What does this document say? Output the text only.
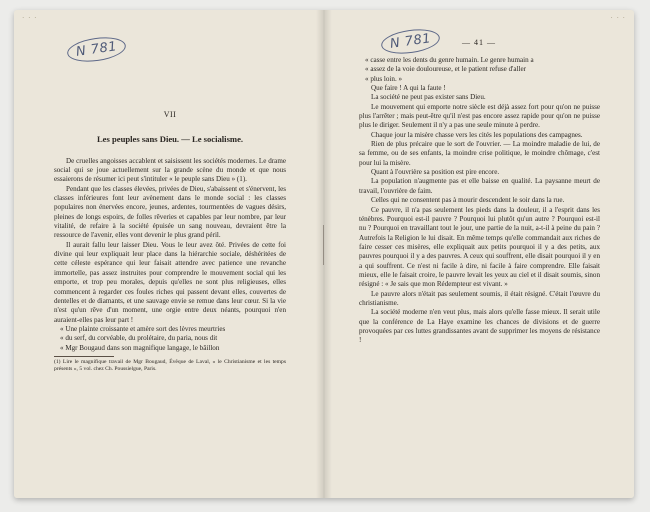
· · ·
N 781
VII
Les peuples sans Dieu. — Le socialisme.

De cruelles angoisses accablent et saisissent les sociétés modernes. Le drame social qui se joue actuellement sur la grande scène du monde et que nous essaierons de résumer ici peut s'intituler « le peuple sans Dieu » (1).

Pendant que les classes élevées, privées de Dieu, s'abaissent et s'énervent, les classes inférieures font leur avènement dans le monde social : les classes populaires non énervées encore, jeunes, ardentes, tourmentées de vagues désirs, pleines de longs espoirs, de folles rêveries et capables par leur nombre, par leur vitalité, de refaire à la société épuisée un sang nouveau, devraient être la ressource de l'avenir, elles vont devenir le plus grand péril.

Il aurait fallu leur laisser Dieu. Vous le leur avez ôté. Privées de cette foi divine qui leur expliquait leur place dans la hiérarchie sociale, déshéritées de cette céleste espérance qui leur faisait attendre avec patience une revanche immortelle, pas assez instruites pour comprendre le mouvement social qui les emporte, et trop peu morales, depuis qu'elles ne sont plus religieuses, elles commencent à regarder ces foules riches qui passent devant elles, couvertes de dentelles et de diamants, et une sauvage envie se remue dans leur cœur. Si la vie n'est qu'un rêve d'un moment, une orgie entre deux néants, pourquoi n'en auraient-elles pas leur part !

« Une plainte croissante et amère sort des lèvres meurtries

« du serf, du corvéable, du prolétaire, du paria, nous dit

« Mgr Bougaud dans son magnifique langage, le bâillon

(1) Lire le magnifique travail de Mgr Bougaud, Évêque de Laval, « le Christianisme et les temps présents », 5 vol. chez Ch. Poussielgue, Paris.

· · ·
N 781	— 41 —

« casse entre les dents du genre humain. Le genre humain a

« assez de la voie douloureuse, et le patient refuse d'aller

« plus loin. »

Que faire ! A qui la faute !

La société ne peut pas exister sans Dieu.

Le mouvement qui emporte notre siècle est déjà assez fort pour qu'on ne puisse plus l'arrêter ; mais peut-être qu'il n'est pas encore assez rapide pour qu'on ne puisse plus le diriger. Seulement il n'y a pas une seule minute à perdre.

Chaque jour la misère chasse vers les cités les populations des campagnes.

Rien de plus précaire que le sort de l'ouvrier. — La moindre maladie de lui, de sa femme, ou de ses enfants, la moindre crise politique, le moindre chômage, c'est pour lui la misère.

Quant à l'ouvrière sa position est pire encore.

La population n'augmente pas et elle baisse en qualité. La paysanne meurt de travail, l'ouvrière de faim.

Celles qui ne consentent pas à mourir descendent le soir dans la rue.

Ce pauvre, il n'a pas seulement les pieds dans la douleur, il a l'esprit dans les ténèbres. Pourquoi est-il pauvre ? Pourquoi lui plutôt qu'un autre ? Pourquoi est-il nu ? Pourquoi en travaillant tout le jour, une partie de la nuit, a-t-il à peine du pain ? Autrefois la Religion le lui disait. En même temps qu'elle commandait aux riches de faire cesser ces misères, elle expliquait aux petits pourquoi il y a des petits, aux pauvres pourquoi il y a des pauvres. A ceux qui souffrent, elle disait pourquoi il y en a qui souffrent. Ce n'est ni facile à dire, ni facile à faire comprendre. Elle faisait mieux, elle le faisait croire, le pauvre levait les yeux au ciel et il disait soumis, sinon résigné : « Je sais que mon Rédempteur est vivant. »

Le pauvre alors n'était pas seulement soumis, il était résigné. C'était l'œuvre du christianisme.

La société moderne n'en veut plus, mais alors qu'elle fasse mieux. Il serait utile que la conférence de La Haye examine les chances de divisions et de guerre provoquées par ces luttes grandissantes avant de supprimer les moyens de résistance !
